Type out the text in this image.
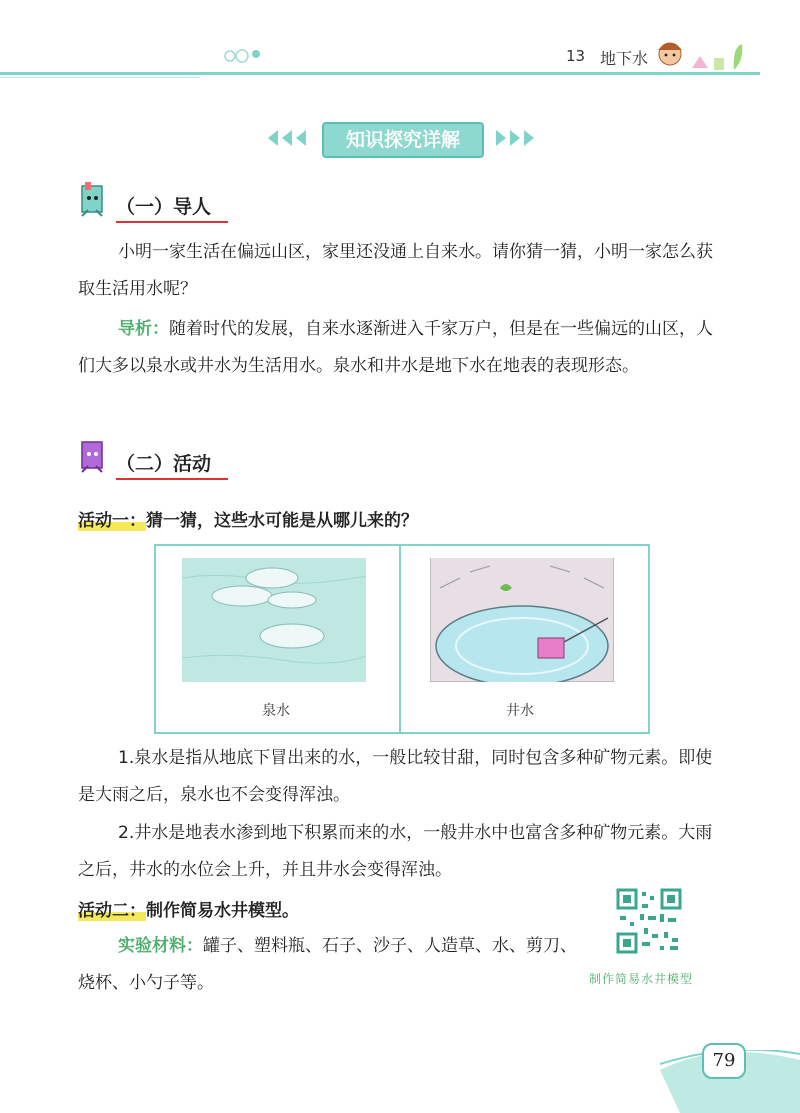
13 地下水
知识探究详解
（一）导人
小明一家生活在偏远山区，家里还没通上自来水。请你猜一猜，小明一家怎么获取生活用水呢？
导析：随着时代的发展，自来水逐渐进入千家万户，但是在一些偏远的山区，人们大多以泉水或井水为生活用水。泉水和井水是地下水在地表的表现形态。
（二）活动
活动一：猜一猜，这些水可能是从哪儿来的？
泉水	井水
1.泉水是指从地底下冒出来的水，一般比较甘甜，同时包含多种矿物元素。即使是大雨之后，泉水也不会变得浑浊。
2.井水是地表水渗到地下积累而来的水，一般井水中也富含多种矿物元素。大雨之后，井水的水位会上升，并且井水会变得浑浊。
活动二：制作简易水井模型。
实验材料：罐子、塑料瓶、石子、沙子、人造草、水、剪刀、烧杯、小勺子等。	制作简易水井模型
79
